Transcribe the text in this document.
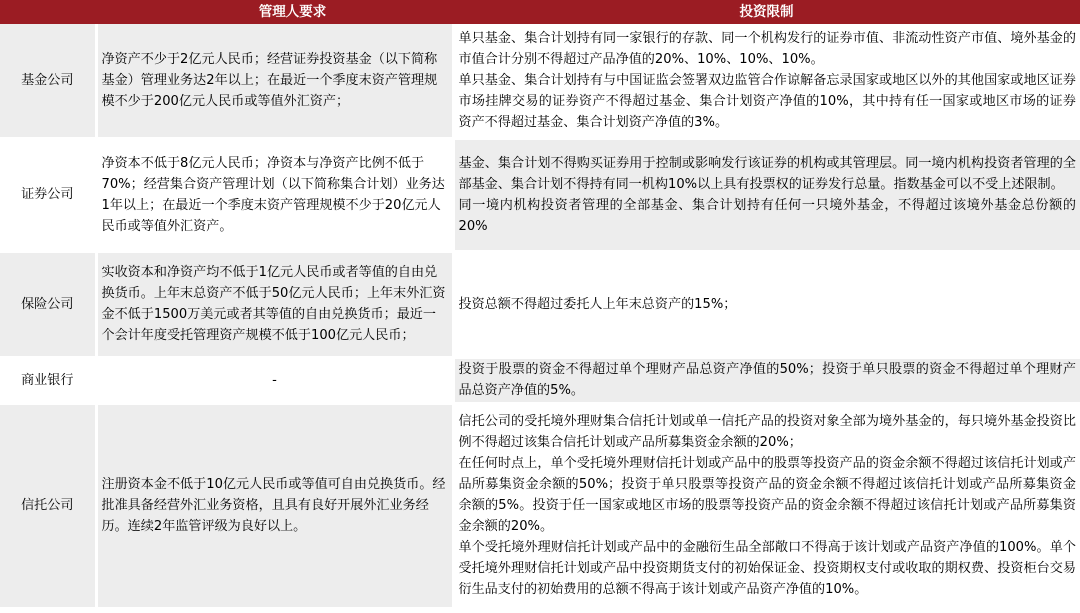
	管理人要求	投资限制
基金公司	净资产不少于2亿元人民币；经营证券投资基金（以下简称基金）管理业务达2年以上；在最近一个季度末资产管理规模不少于200亿元人民币或等值外汇资产；	单只基金、集合计划持有同一家银行的存款、同一个机构发行的证券市值、非流动性资产市值、境外基金的市值合计分别不得超过产品净值的20%、10%、10%、10%。

单只基金、集合计划持有与中国证监会签署双边监管合作谅解备忘录国家或地区以外的其他国家或地区证券市场挂牌交易的证券资产不得超过基金、集合计划资产净值的10%，其中持有任一国家或地区市场的证券资产不得超过基金、集合计划资产净值的3%。

证券公司	净资本不低于8亿元人民币；净资本与净资产比例不低于70%；经营集合资产管理计划（以下简称集合计划）业务达1年以上；在最近一个季度末资产管理规模不少于20亿元人民币或等值外汇资产。	基金、集合计划不得购买证券用于控制或影响发行该证券的机构或其管理层。同一境内机构投资者管理的全部基金、集合计划不得持有同一机构10%以上具有投票权的证券发行总量。指数基金可以不受上述限制。

同一境内机构投资者管理的全部基金、集合计划持有任何一只境外基金，不得超过该境外基金总份额的20%

保险公司	实收资本和净资产均不低于1亿元人民币或者等值的自由兑换货币。上年末总资产不低于50亿元人民币；上年末外汇资金不低于1500万美元或者其等值的自由兑换货币；最近一个会计年度受托管理资产规模不低于100亿元人民币；	投资总额不得超过委托人上年末总资产的15%；

商业银行	-	投资于股票的资金不得超过单个理财产品总资产净值的50%；投资于单只股票的资金不得超过单个理财产品总资产净值的5%。

信托公司	注册资本金不低于10亿元人民币或等值可自由兑换货币。经批准具备经营外汇业务资格，且具有良好开展外汇业务经历。连续2年监管评级为良好以上。	信托公司的受托境外理财集合信托计划或单一信托产品的投资对象全部为境外基金的，每只境外基金投资比例不得超过该集合信托计划或产品所募集资金余额的20%；

在任何时点上，单个受托境外理财信托计划或产品中的股票等投资产品的资金余额不得超过该信托计划或产品所募集资金余额的50%；投资于单只股票等投资产品的资金余额不得超过该信托计划或产品所募集资金余额的5%。投资于任一国家或地区市场的股票等投资产品的资金余额不得超过该信托计划或产品所募集资金余额的20%。

单个受托境外理财信托计划或产品中的金融衍生品全部敞口不得高于该计划或产品资产净值的100%。单个受托境外理财信托计划或产品中投资期货支付的初始保证金、投资期权支付或收取的期权费、投资柜台交易衍生品支付的初始费用的总额不得高于该计划或产品资产净值的10%。
